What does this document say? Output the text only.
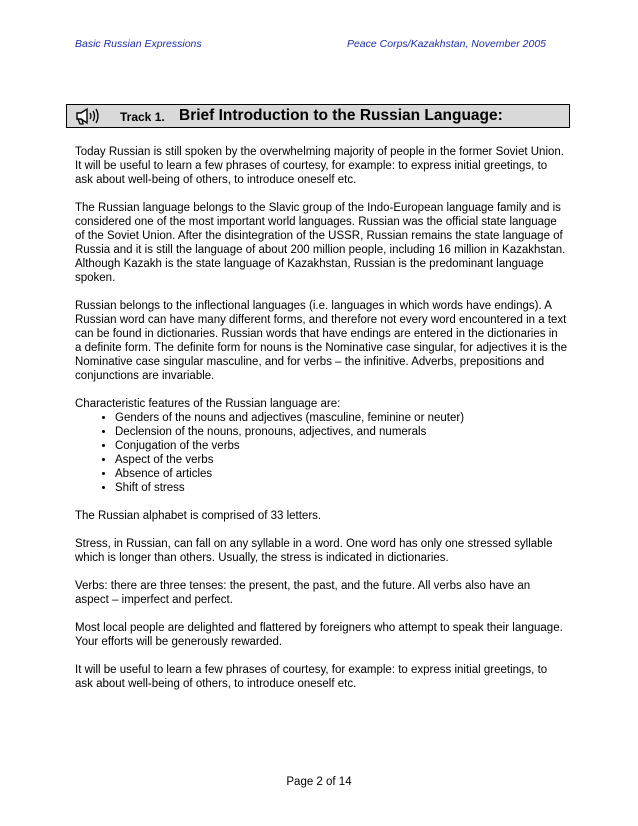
Basic Russian Expressions	Peace Corps/Kazakhstan, November 2005
Track 1. Brief Introduction to the Russian Language:

Today Russian is still spoken by the overwhelming majority of people in the former Soviet Union. It will be useful to learn a few phrases of courtesy, for example: to express initial greetings, to ask about well-being of others, to introduce oneself etc.

The Russian language belongs to the Slavic group of the Indo-European language family and is considered one of the most important world languages. Russian was the official state language of the Soviet Union. After the disintegration of the USSR, Russian remains the state language of Russia and it is still the language of about 200 million people, including 16 million in Kazakhstan. Although Kazakh is the state language of Kazakhstan, Russian is the predominant language spoken.

Russian belongs to the inflectional languages (i.e. languages in which words have endings). A Russian word can have many different forms, and therefore not every word encountered in a text can be found in dictionaries. Russian words that have endings are entered in the dictionaries in a definite form. The definite form for nouns is the Nominative case singular, for adjectives it is the Nominative case singular masculine, and for verbs – the infinitive. Adverbs, prepositions and conjunctions are invariable.

Characteristic features of the Russian language are:

• Genders of the nouns and adjectives (masculine, feminine or neuter)
• Declension of the nouns, pronouns, adjectives, and numerals
• Conjugation of the verbs
• Aspect of the verbs
• Absence of articles
• Shift of stress

The Russian alphabet is comprised of 33 letters.

Stress, in Russian, can fall on any syllable in a word. One word has only one stressed syllable which is longer than others. Usually, the stress is indicated in dictionaries.

Verbs: there are three tenses: the present, the past, and the future. All verbs also have an aspect – imperfect and perfect.

Most local people are delighted and flattered by foreigners who attempt to speak their language. Your efforts will be generously rewarded.

It will be useful to learn a few phrases of courtesy, for example: to express initial greetings, to ask about well-being of others, to introduce oneself etc.

Page 2 of 14
